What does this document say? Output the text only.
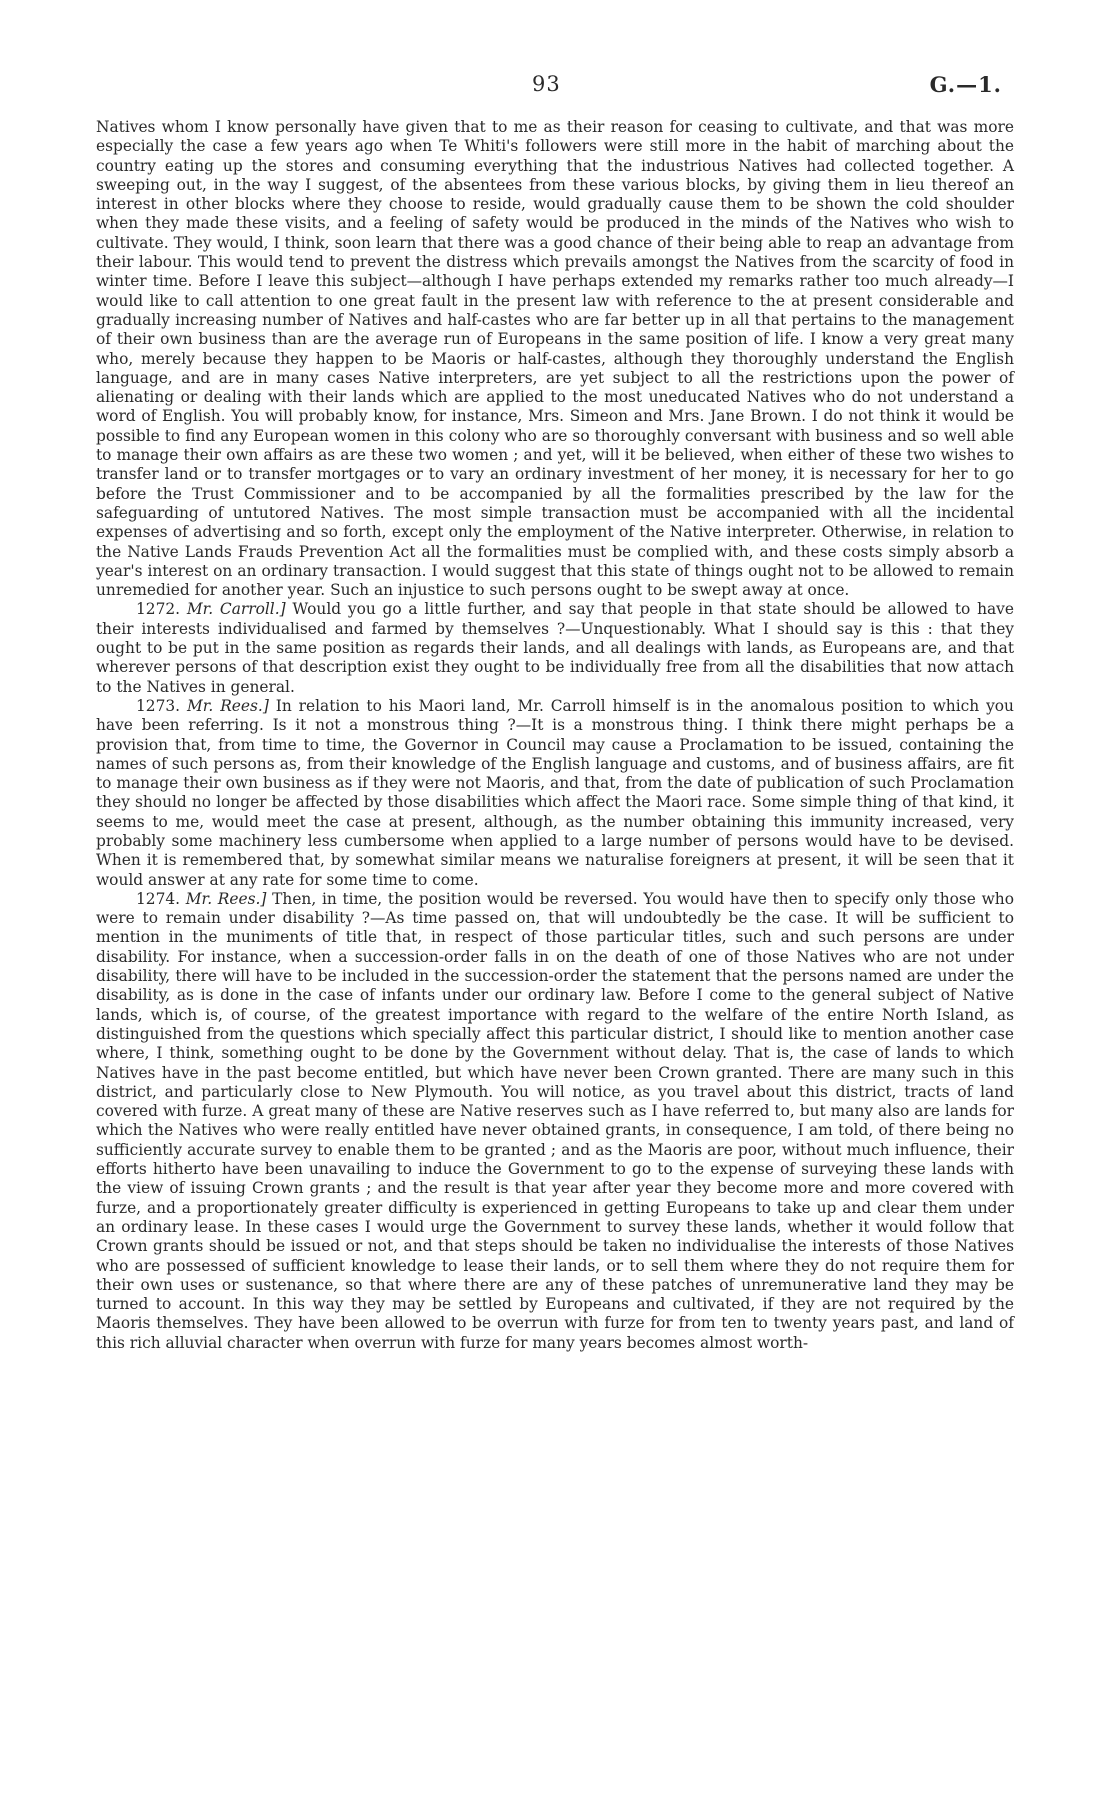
93	G.—1.

Natives whom I know personally have given that to me as their reason for ceasing to cultivate, and that was more especially the case a few years ago when Te Whiti's followers were still more in the habit of marching about the country eating up the stores and consuming everything that the industrious Natives had collected together. A sweeping out, in the way I suggest, of the absentees from these various blocks, by giving them in lieu thereof an interest in other blocks where they choose to reside, would gradually cause them to be shown the cold shoulder when they made these visits, and a feeling of safety would be produced in the minds of the Natives who wish to cultivate. They would, I think, soon learn that there was a good chance of their being able to reap an advantage from their labour. This would tend to prevent the distress which prevails amongst the Natives from the scarcity of food in winter time. Before I leave this subject—although I have perhaps extended my remarks rather too much already—I would like to call attention to one great fault in the present law with reference to the at present considerable and gradually increasing number of Natives and half-castes who are far better up in all that pertains to the management of their own business than are the average run of Europeans in the same position of life. I know a very great many who, merely because they happen to be Maoris or half-castes, although they thoroughly understand the English language, and are in many cases Native interpreters, are yet subject to all the restrictions upon the power of alienating or dealing with their lands which are applied to the most uneducated Natives who do not understand a word of English. You will probably know, for instance, Mrs. Simeon and Mrs. Jane Brown. I do not think it would be possible to find any European women in this colony who are so thoroughly conversant with business and so well able to manage their own affairs as are these two women ; and yet, will it be believed, when either of these two wishes to transfer land or to transfer mortgages or to vary an ordinary investment of her money, it is necessary for her to go before the Trust Commissioner and to be accompanied by all the formalities prescribed by the law for the safeguarding of untutored Natives. The most simple transaction must be accompanied with all the incidental expenses of advertising and so forth, except only the employment of the Native interpreter. Otherwise, in relation to the Native Lands Frauds Prevention Act all the formalities must be complied with, and these costs simply absorb a year's interest on an ordinary transaction. I would suggest that this state of things ought not to be allowed to remain unremedied for another year. Such an injustice to such persons ought to be swept away at once.

1272. Mr. Carroll.] Would you go a little further, and say that people in that state should be allowed to have their interests individualised and farmed by themselves ?—Unquestionably. What I should say is this : that they ought to be put in the same position as regards their lands, and all dealings with lands, as Europeans are, and that wherever persons of that description exist they ought to be individually free from all the disabilities that now attach to the Natives in general.

1273. Mr. Rees.] In relation to his Maori land, Mr. Carroll himself is in the anomalous position to which you have been referring. Is it not a monstrous thing ?—It is a monstrous thing. I think there might perhaps be a provision that, from time to time, the Governor in Council may cause a Proclamation to be issued, containing the names of such persons as, from their knowledge of the English language and customs, and of business affairs, are fit to manage their own business as if they were not Maoris, and that, from the date of publication of such Proclamation they should no longer be affected by those disabilities which affect the Maori race. Some simple thing of that kind, it seems to me, would meet the case at present, although, as the number obtaining this immunity increased, very probably some machinery less cumbersome when applied to a large number of persons would have to be devised. When it is remembered that, by somewhat similar means we naturalise foreigners at present, it will be seen that it would answer at any rate for some time to come.

1274. Mr. Rees.] Then, in time, the position would be reversed. You would have then to specify only those who were to remain under disability ?—As time passed on, that will undoubtedly be the case. It will be sufficient to mention in the muniments of title that, in respect of those particular titles, such and such persons are under disability. For instance, when a succession-order falls in on the death of one of those Natives who are not under disability, there will have to be included in the succession-order the statement that the persons named are under the disability, as is done in the case of infants under our ordinary law. Before I come to the general subject of Native lands, which is, of course, of the greatest importance with regard to the welfare of the entire North Island, as distinguished from the questions which specially affect this particular district, I should like to mention another case where, I think, something ought to be done by the Government without delay. That is, the case of lands to which Natives have in the past become entitled, but which have never been Crown granted. There are many such in this district, and particularly close to New Plymouth. You will notice, as you travel about this district, tracts of land covered with furze. A great many of these are Native reserves such as I have referred to, but many also are lands for which the Natives who were really entitled have never obtained grants, in consequence, I am told, of there being no sufficiently accurate survey to enable them to be granted ; and as the Maoris are poor, without much influence, their efforts hitherto have been unavailing to induce the Government to go to the expense of surveying these lands with the view of issuing Crown grants ; and the result is that year after year they become more and more covered with furze, and a proportionately greater difficulty is experienced in getting Europeans to take up and clear them under an ordinary lease. In these cases I would urge the Government to survey these lands, whether it would follow that Crown grants should be issued or not, and that steps should be taken no individualise the interests of those Natives who are possessed of sufficient knowledge to lease their lands, or to sell them where they do not require them for their own uses or sustenance, so that where there are any of these patches of unremunerative land they may be turned to account. In this way they may be settled by Europeans and cultivated, if they are not required by the Maoris themselves. They have been allowed to be overrun with furze for from ten to twenty years past, and land of this rich alluvial character when overrun with furze for many years becomes almost worth-
